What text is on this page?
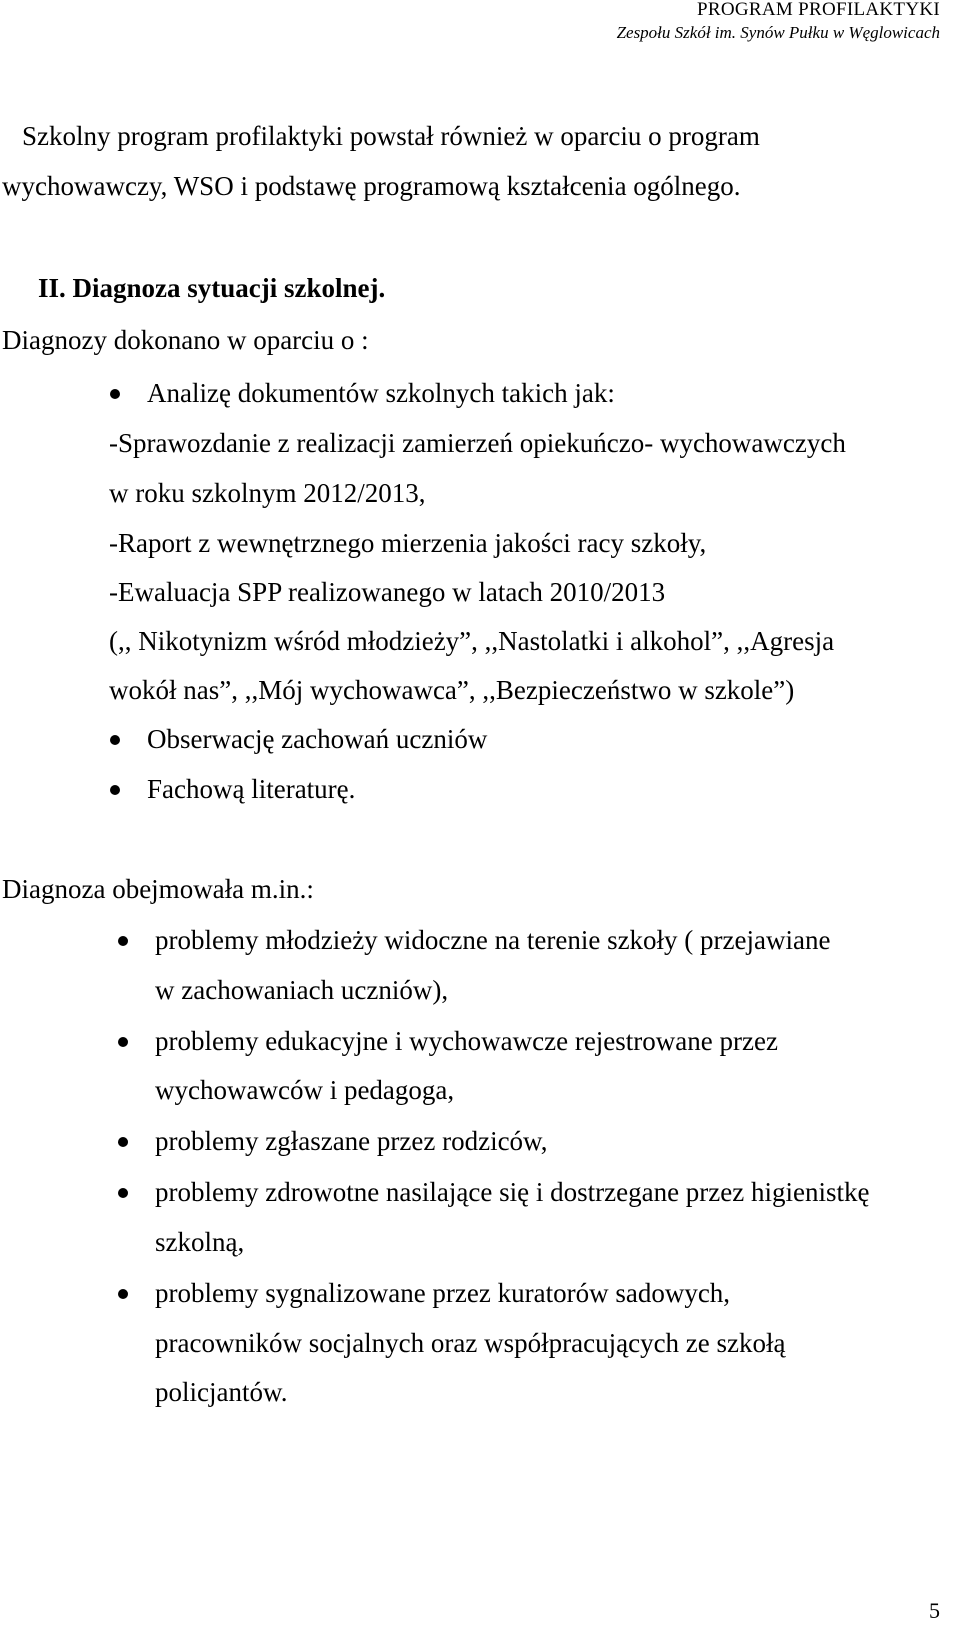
PROGRAM PROFILAKTYKI
Zespołu Szkół im. Synów Pułku w Węglowicach
Szkolny program profilaktyki powstał również w oparciu o program
wychowawczy, WSO i podstawę programową kształcenia ogólnego.
II. Diagnoza sytuacji szkolnej.
Diagnozy dokonano w oparciu o :
Analizę dokumentów szkolnych takich jak:
-Sprawozdanie z realizacji zamierzeń opiekuńczo- wychowawczych
w roku szkolnym 2012/2013,
-Raport z wewnętrznego mierzenia jakości racy szkoły,
-Ewaluacja SPP realizowanego w latach 2010/2013
(,, Nikotynizm wśród młodzieży”, ,,Nastolatki i alkohol”, ,,Agresja
wokół nas”, ,,Mój wychowawca”, ,,Bezpieczeństwo w szkole”)
Obserwację zachowań uczniów
Fachową literaturę.
Diagnoza obejmowała m.in.:
problemy młodzieży widoczne na terenie szkoły ( przejawiane
w zachowaniach uczniów),
problemy edukacyjne i wychowawcze rejestrowane przez
wychowawców i pedagoga,
problemy zgłaszane przez rodziców,
problemy zdrowotne nasilające się i dostrzegane przez higienistkę
szkolną,
problemy sygnalizowane przez kuratorów sadowych,
pracowników socjalnych oraz współpracujących ze szkołą
policjantów.
5
